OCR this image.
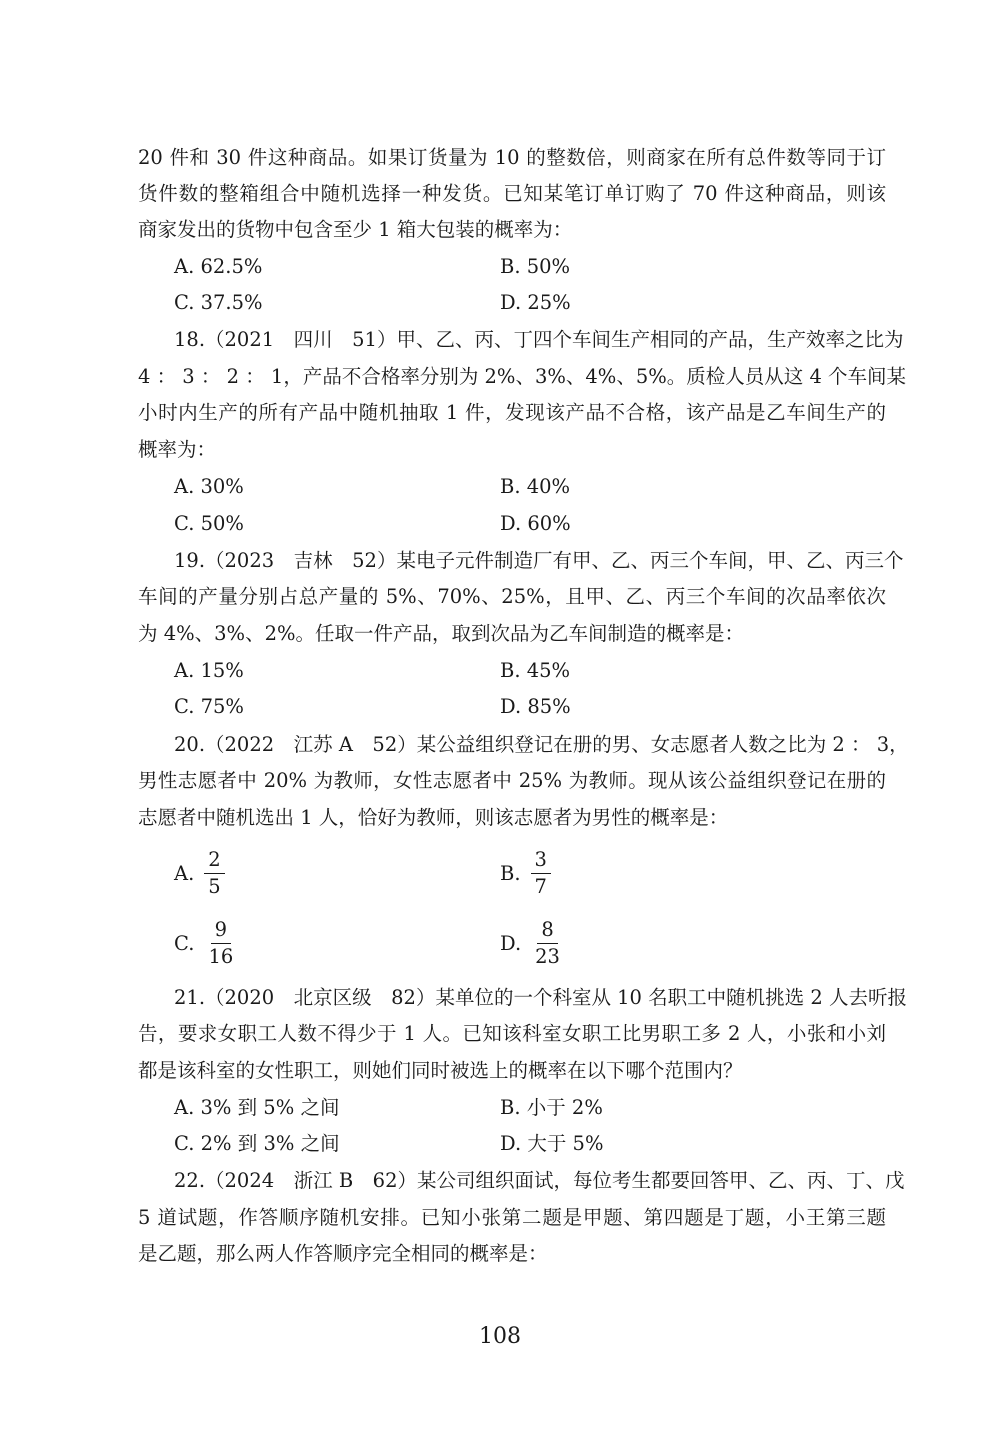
20 件和 30 件这种商品。如果订货量为 10 的整数倍，则商家在所有总件数等同于订
货件数的整箱组合中随机选择一种发货。已知某笔订单订购了 70 件这种商品，则该
商家发出的货物中包含至少 1 箱大包装的概率为：
A. 62.5%	B. 50%
C. 37.5%	D. 25%
18.（2021　四川　51）甲、乙、丙、丁四个车间生产相同的产品，生产效率之比为
4 ： 3 ： 2 ： 1，产品不合格率分别为 2%、3%、4%、5%。质检人员从这 4 个车间某
小时内生产的所有产品中随机抽取 1 件，发现该产品不合格，该产品是乙车间生产的
概率为：
A. 30%	B. 40%
C. 50%	D. 60%
19.（2023　吉林　52）某电子元件制造厂有甲、乙、丙三个车间，甲、乙、丙三个
车间的产量分别占总产量的 5%、70%、25%，且甲、乙、丙三个车间的次品率依次
为 4%、3%、2%。任取一件产品，取到次品为乙车间制造的概率是：
A. 15%	B. 45%
C. 75%	D. 85%
20.（2022　江苏 A　52）某公益组织登记在册的男、女志愿者人数之比为 2 ： 3，
男性志愿者中 20% 为教师，女性志愿者中 25% 为教师。现从该公益组织登记在册的
志愿者中随机选出 1 人，恰好为教师，则该志愿者为男性的概率是：
A. $\frac{2}{5}$	B. $\frac{3}{7}$
C. $\frac{9}{16}$	D. $\frac{8}{23}$
21.（2020　北京区级　82）某单位的一个科室从 10 名职工中随机挑选 2 人去听报
告，要求女职工人数不得少于 1 人。已知该科室女职工比男职工多 2 人，小张和小刘
都是该科室的女性职工，则她们同时被选上的概率在以下哪个范围内？
A. 3% 到 5% 之间	B. 小于 2%
C. 2% 到 3% 之间	D. 大于 5%
22.（2024　浙江 B　62）某公司组织面试，每位考生都要回答甲、乙、丙、丁、戊
5 道试题，作答顺序随机安排。已知小张第二题是甲题、第四题是丁题，小王第三题
是乙题，那么两人作答顺序完全相同的概率是：
108
